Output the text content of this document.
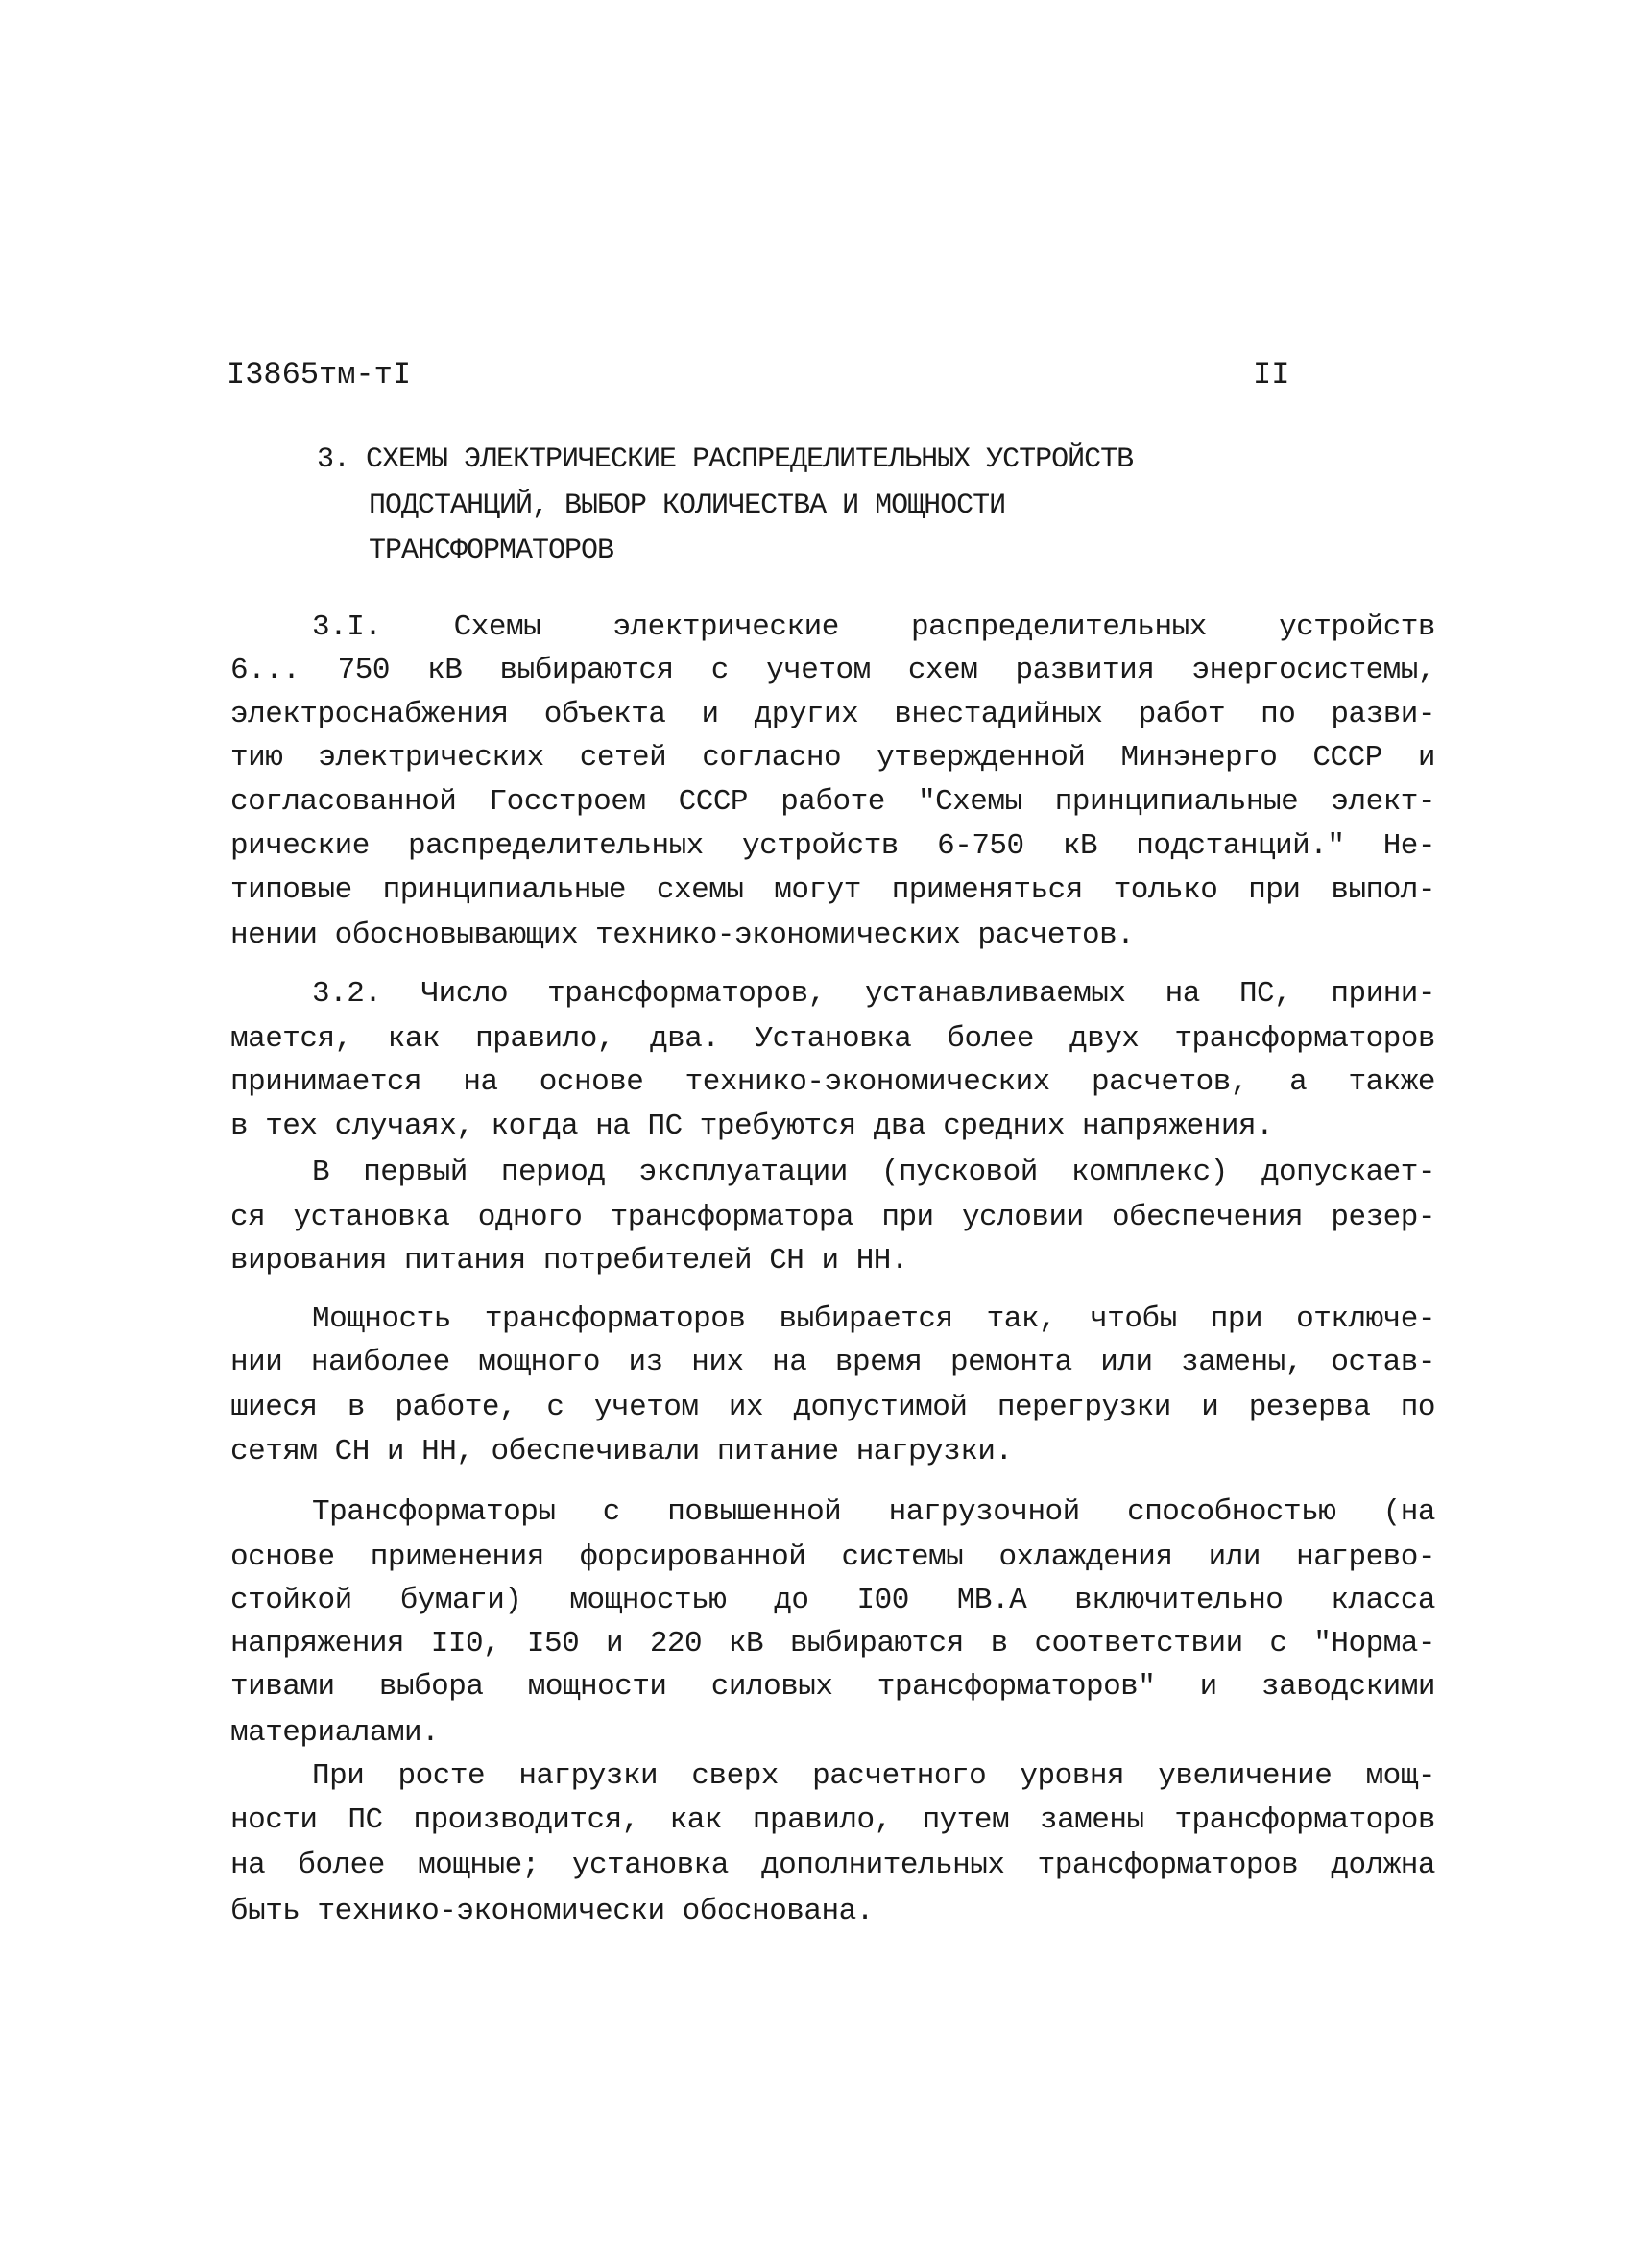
I3865тм-тI	II
3. СХЕМЫ ЭЛЕКТРИЧЕСКИЕ РАСПРЕДЕЛИТЕЛЬНЫХ УСТРОЙСТВ
ПОДСТАНЦИЙ, ВЫБОР КОЛИЧЕСТВА И МОЩНОСТИ
ТРАНСФОРМАТОРОВ
3.I. Схемы электрические распределительных устройств
6... 750 кВ выбираются с учетом схем развития энергосистемы,
электроснабжения объекта и других внестадийных работ по разви-
тию электрических сетей согласно утвержденной Минэнерго СССР и
согласованной Госстроем СССР работе "Схемы принципиальные элект-
рические распределительных устройств 6-750 кВ подстанций." Не-
типовые принципиальные схемы могут применяться только при выпол-
нении обосновывающих технико-экономических расчетов.
3.2. Число трансформаторов, устанавливаемых на ПС, прини-
мается, как правило, два. Установка более двух трансформаторов
принимается на основе технико-экономических расчетов, а также
в тех случаях, когда на ПС требуются два средних напряжения.
В первый период эксплуатации (пусковой комплекс) допускает-
ся установка одного трансформатора при условии обеспечения резер-
вирования питания потребителей СН и НН.
Мощность трансформаторов выбирается так, чтобы при отключе-
нии наиболее мощного из них на время ремонта или замены, остав-
шиеся в работе, с учетом их допустимой перегрузки и резерва по
сетям СН и НН, обеспечивали питание нагрузки.
Трансформаторы с повышенной нагрузочной способностью (на
основе применения форсированной системы охлаждения или нагрево-
стойкой бумаги) мощностью до I00 МВ.А включительно класса
напряжения II0, I50 и 220 кВ выбираются в соответствии с "Норма-
тивами выбора мощности силовых трансформаторов" и заводскими
материалами.
При росте нагрузки сверх расчетного уровня увеличение мощ-
ности ПС производится, как правило, путем замены трансформаторов
на более мощные; установка дополнительных трансформаторов должна
быть технико-экономически обоснована.
